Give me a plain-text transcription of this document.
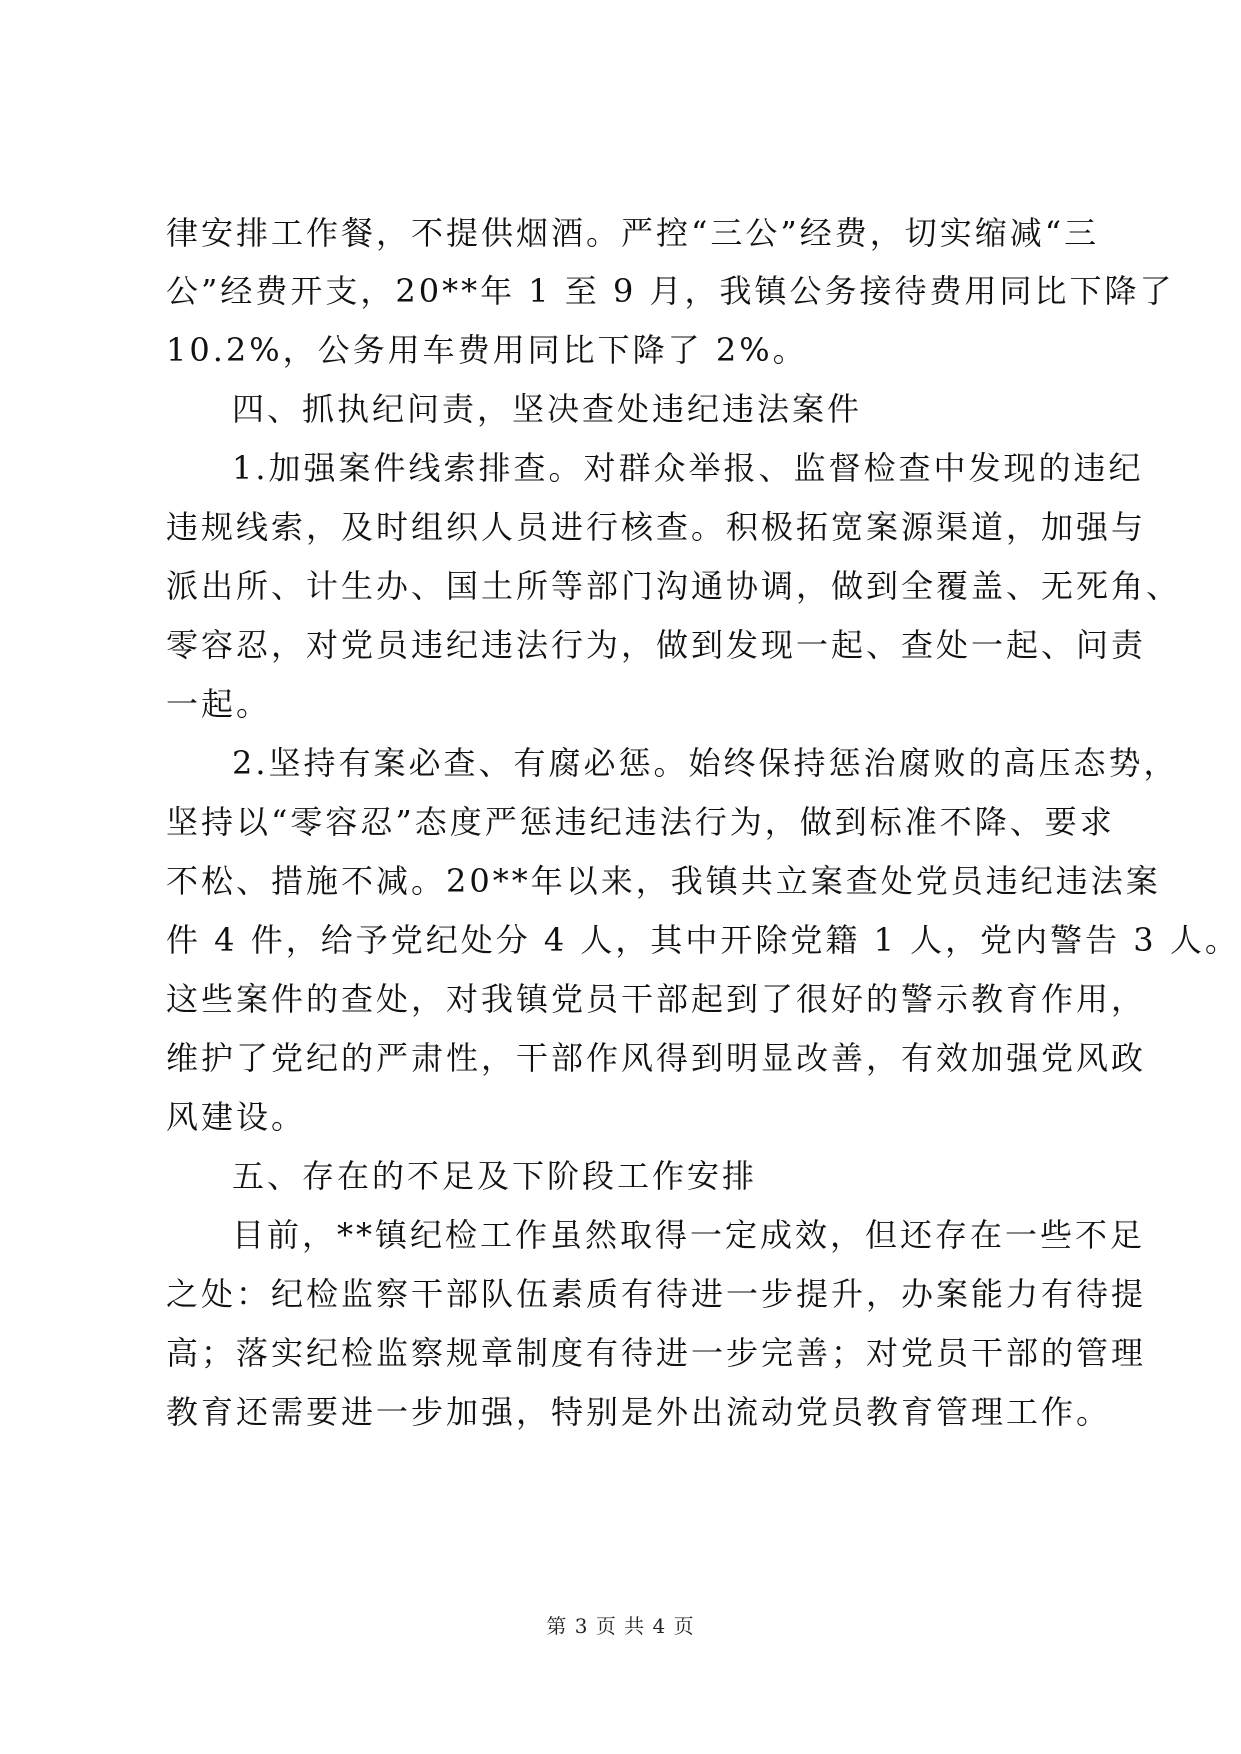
律安排工作餐，不提供烟酒。严控“三公”经费，切实缩减“三
公”经费开支，20**年 1 至 9 月，我镇公务接待费用同比下降了
10.2%，公务用车费用同比下降了 2%。
四、抓执纪问责，坚决查处违纪违法案件
1.加强案件线索排查。对群众举报、监督检查中发现的违纪
违规线索，及时组织人员进行核查。积极拓宽案源渠道，加强与
派出所、计生办、国土所等部门沟通协调，做到全覆盖、无死角、
零容忍，对党员违纪违法行为，做到发现一起、查处一起、问责
一起。
2.坚持有案必查、有腐必惩。始终保持惩治腐败的高压态势，
坚持以“零容忍”态度严惩违纪违法行为，做到标准不降、要求
不松、措施不减。20**年以来，我镇共立案查处党员违纪违法案
件 4 件，给予党纪处分 4 人，其中开除党籍 1 人，党内警告 3 人。
这些案件的查处，对我镇党员干部起到了很好的警示教育作用，
维护了党纪的严肃性，干部作风得到明显改善，有效加强党风政
风建设。
五、存在的不足及下阶段工作安排
目前，**镇纪检工作虽然取得一定成效，但还存在一些不足
之处：纪检监察干部队伍素质有待进一步提升，办案能力有待提
高；落实纪检监察规章制度有待进一步完善；对党员干部的管理
教育还需要进一步加强，特别是外出流动党员教育管理工作。
第 3 页 共 4 页
